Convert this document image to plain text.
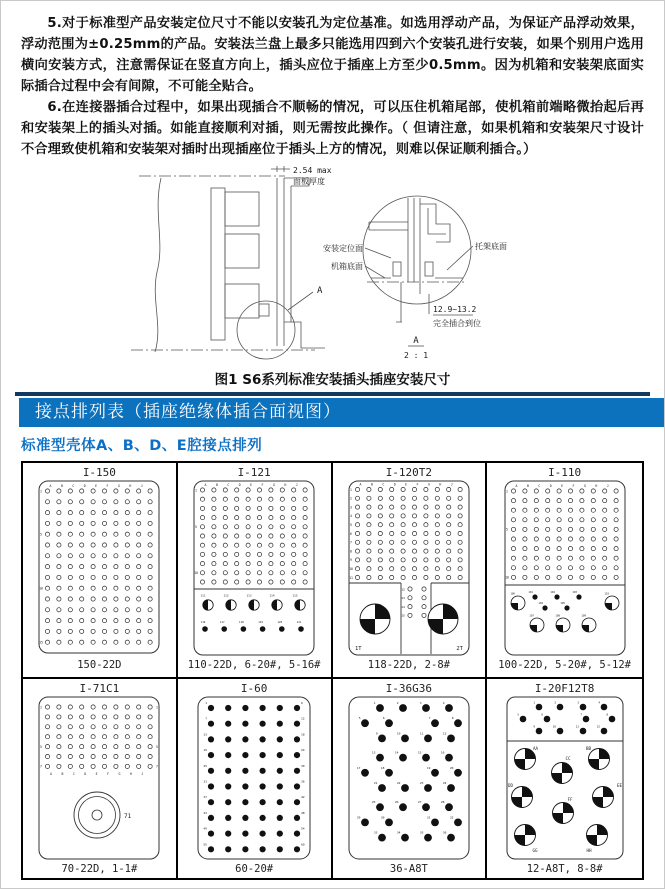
5.对于标准型产品安装定位尺寸不能以安装孔为定位基准。如选用浮动产品，为保证产品浮动效果，浮动范围为±0.25mm的产品。安装法兰盘上最多只能选用四到六个安装孔进行安装，如果个别用户选用横向安装方式，注意需保证在竖直方向上，插头应位于插座上方至少0.5mm。因为机箱和安装架底面实际插合过程中会有间隙，不可能全贴合。

6.在连接器插合过程中，如果出现插合不顺畅的情况，可以压住机箱尾部，使机箱前端略微抬起后再和安装架上的插头对插。如能直接顺利对插，则无需按此操作。（ 但请注意，如果机箱和安装架尺寸设计不合理致使机箱和安装架对插时出现插座位于插头上方的情况，则难以保证顺利插合。）

2.54 max
面板厚度
A
安装定位面
机箱底面
托架底面
12.9~13.2
完全插合到位
A
2 : 1
图1 S6系列标准安装插头插座安装尺寸
接点排列表（插座绝缘体插合面视图）
标准型壳体A、B、D、E腔接点排列
I-150
A	B	C	D	E	F	G	H	J
1
5
10
15
150-22D
I-121
A	B	C	D	E	F	G	H	J
1
5
10
111	112	113	114	115
116	117	118	119	120	121
110-22D, 6-20#, 5-16#
I-120T2
A	B	C	D	E	F	G	H	J
1
2
3
4
5
6
7
8
9
10
11
12
13
14
15
1T	2T
118-22D, 2-8#
I-110
A	B	C	D	E	F	G	H	J
1
5
10
101	102	103
104	105
106
107	108	109
110
100-22D, 5-20#, 5-12#
I-71C1
A	B	C	D	E	F	G	H	J
1	1
5	5
7	7
71
70-22D, 1-1#
I-60
1	6
7	12
13	18
19	24
25	30
31	36
37	42
43	48
49	54
55	60
60-20#
I-36G36
1	2	3	4
5	6	7	8
9	10	11	12
13	14	15	16
17	18	19	20
21	22	23	24
25	26	27	28
29	30	31	32
33	34	35	36
36-A8T
I-20F12T8
1	2	3	4
5	6	7	8
9	10	11	12
AA	BB
CC
DD	EE
FF
GG	HH
12-A8T, 8-8#
